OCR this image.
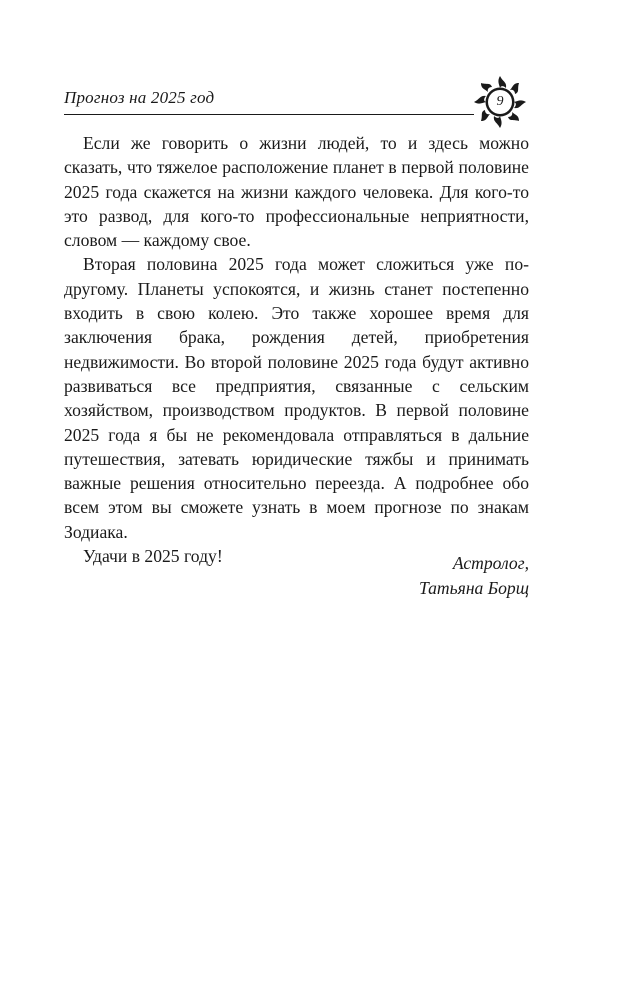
Прогноз на 2025 год	9

Если же говорить о жизни людей, то и здесь можно сказать, что тяжелое расположение планет в первой половине 2025 года скажется на жизни каждого человека. Для кого-то это развод, для кого-то профессиональные неприятности, словом — каждому свое.

Вторая половина 2025 года может сложиться уже по-другому. Планеты успокоятся, и жизнь станет постепенно входить в свою колею. Это также хорошее время для заключения брака, рождения детей, приобретения недвижимости. Во второй половине 2025 года будут активно развиваться все предприятия, связанные с сельским хозяйством, производством продуктов. В первой половине 2025 года я бы не рекомендовала отправляться в дальние путешествия, затевать юридические тяжбы и принимать важные решения относительно переезда. А подробнее обо всем этом вы сможете узнать в моем прогнозе по знакам Зодиака.

Удачи в 2025 году!	Астролог,
Татьяна Борщ
